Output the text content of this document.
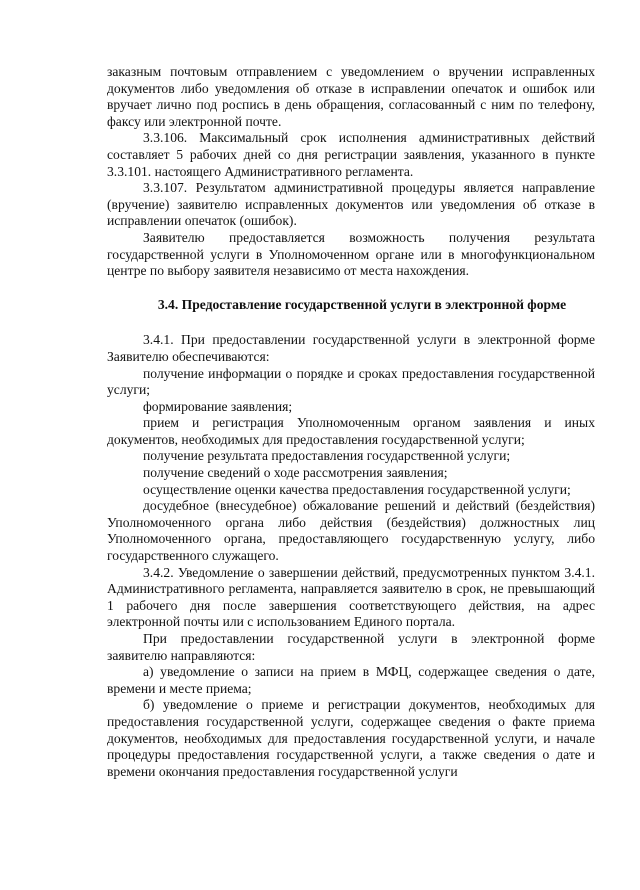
заказным почтовым отправлением с уведомлением о вручении исправленных документов либо уведомления об отказе в исправлении опечаток и ошибок или вручает лично под роспись в день обращения, согласованный с ним по телефону, факсу или электронной почте.

3.3.106. Максимальный срок исполнения административных действий составляет 5 рабочих дней со дня регистрации заявления, указанного в пункте 3.3.101. настоящего Административного регламента.

3.3.107. Результатом административной процедуры является направление (вручение) заявителю исправленных документов или уведомления об отказе в исправлении опечаток (ошибок).

Заявителю предоставляется возможность получения результата государственной услуги в Уполномоченном органе или в многофункциональном центре по выбору заявителя независимо от места нахождения.

3.4. Предоставление государственной услуги в электронной форме

3.4.1. При предоставлении государственной услуги в электронной форме Заявителю обеспечиваются:

получение информации о порядке и сроках предоставления государственной услуги;

формирование заявления;

прием и регистрация Уполномоченным органом заявления и иных документов, необходимых для предоставления государственной услуги;

получение результата предоставления государственной услуги;

получение сведений о ходе рассмотрения заявления;

осуществление оценки качества предоставления государственной услуги;

досудебное (внесудебное) обжалование решений и действий (бездействия) Уполномоченного органа либо действия (бездействия) должностных лиц Уполномоченного органа, предоставляющего государственную услугу, либо государственного служащего.

3.4.2. Уведомление о завершении действий, предусмотренных пунктом 3.4.1. Административного регламента, направляется заявителю в срок, не превышающий 1 рабочего дня после завершения соответствующего действия, на адрес электронной почты или с использованием Единого портала.

При предоставлении государственной услуги в электронной форме заявителю направляются:

а) уведомление о записи на прием в МФЦ, содержащее сведения о дате, времени и месте приема;

б) уведомление о приеме и регистрации документов, необходимых для предоставления государственной услуги, содержащее сведения о факте приема документов, необходимых для предоставления государственной услуги, и начале процедуры предоставления государственной услуги, а также сведения о дате и времени окончания предоставления государственной услуги
